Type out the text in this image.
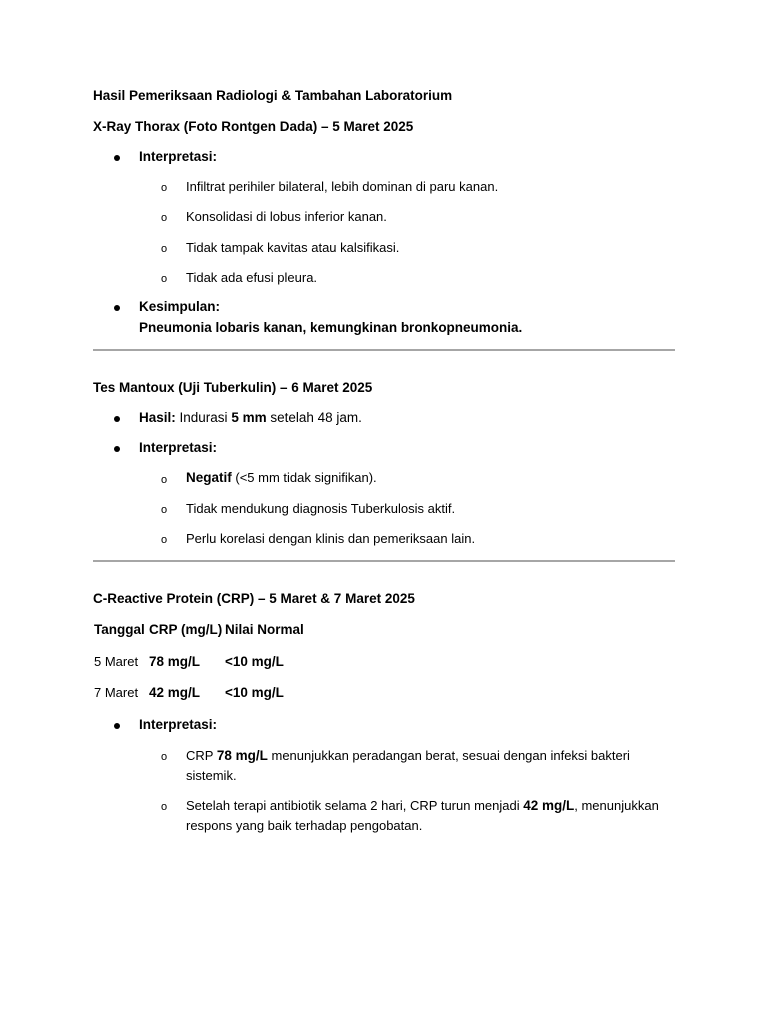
Hasil Pemeriksaan Radiologi & Tambahan Laboratorium
X-Ray Thorax (Foto Rontgen Dada) – 5 Maret 2025
Interpretasi:
o Infiltrat perihiler bilateral, lebih dominan di paru kanan.
o Konsolidasi di lobus inferior kanan.
o Tidak tampak kavitas atau kalsifikasi.
o Tidak ada efusi pleura.
Kesimpulan:
Pneumonia lobaris kanan, kemungkinan bronkopneumonia.
Tes Mantoux (Uji Tuberkulin) – 6 Maret 2025
Hasil: Indurasi 5 mm setelah 48 jam.
Interpretasi:
o Negatif (<5 mm tidak signifikan).
o Tidak mendukung diagnosis Tuberkulosis aktif.
o Perlu korelasi dengan klinis dan pemeriksaan lain.
C-Reactive Protein (CRP) – 5 Maret & 7 Maret 2025
Tanggal CRP (mg/L) Nilai Normal
5 Maret 78 mg/L <10 mg/L
7 Maret 42 mg/L <10 mg/L
Interpretasi:
o CRP 78 mg/L menunjukkan peradangan berat, sesuai dengan infeksi bakteri sistemik.
o Setelah terapi antibiotik selama 2 hari, CRP turun menjadi 42 mg/L, menunjukkan respons yang baik terhadap pengobatan.
